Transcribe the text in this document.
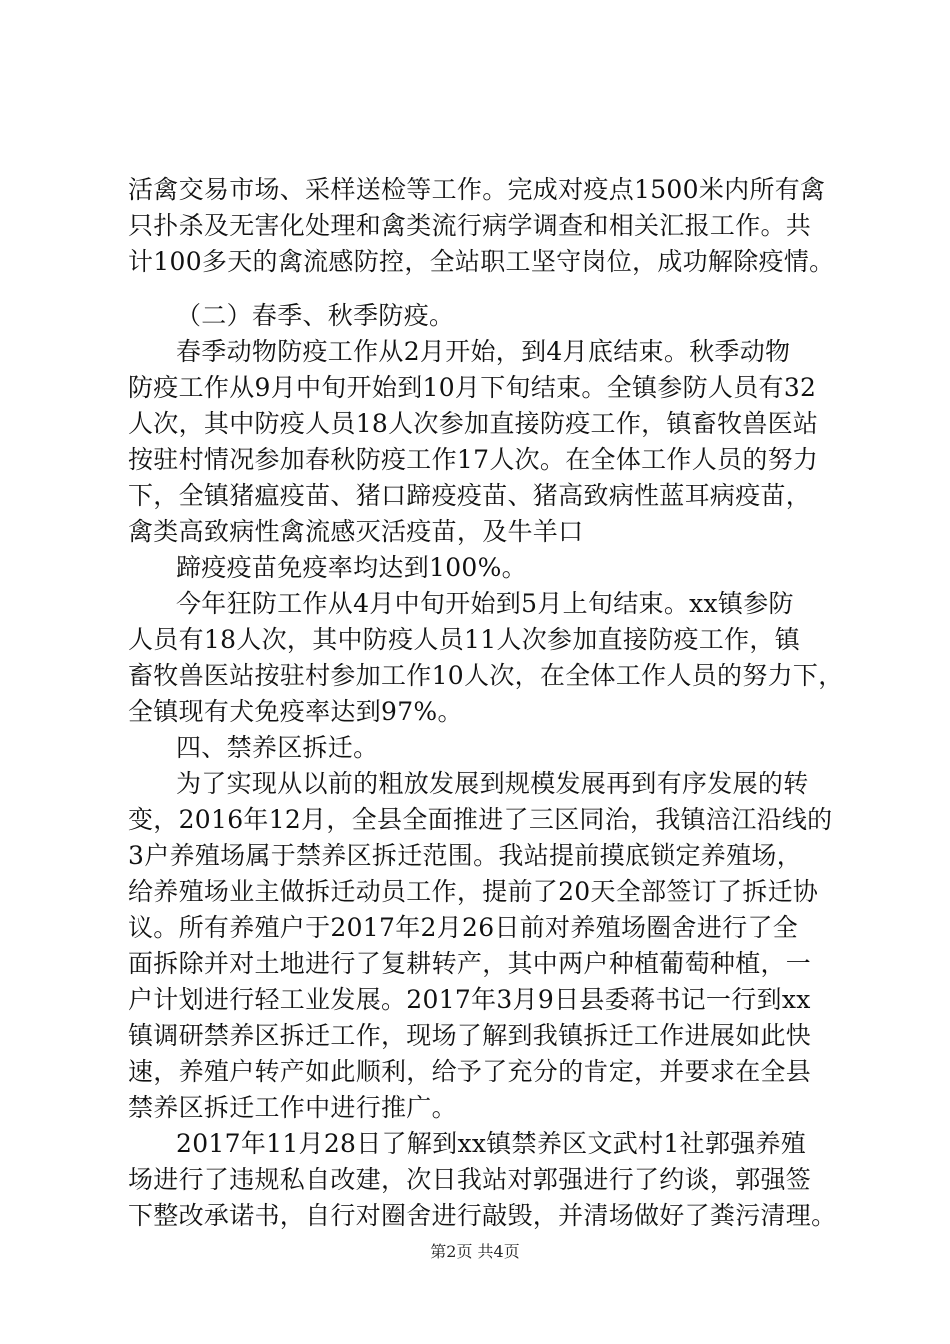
活禽交易市场、采样送检等工作。完成对疫点1500米内所有禽
只扑杀及无害化处理和禽类流行病学调查和相关汇报工作。共
计100多天的禽流感防控，全站职工坚守岗位，成功解除疫情。
（二）春季、秋季防疫。
春季动物防疫工作从2月开始，到4月底结束。秋季动物
防疫工作从9月中旬开始到10月下旬结束。全镇参防人员有32
人次，其中防疫人员18人次参加直接防疫工作，镇畜牧兽医站
按驻村情况参加春秋防疫工作17人次。在全体工作人员的努力
下，全镇猪瘟疫苗、猪口蹄疫疫苗、猪高致病性蓝耳病疫苗，
禽类高致病性禽流感灭活疫苗，及牛羊口
蹄疫疫苗免疫率均达到100%。
今年狂防工作从4月中旬开始到5月上旬结束。xx镇参防
人员有18人次，其中防疫人员11人次参加直接防疫工作，镇
畜牧兽医站按驻村参加工作10人次，在全体工作人员的努力下，
全镇现有犬免疫率达到97%。
四、禁养区拆迁。
为了实现从以前的粗放发展到规模发展再到有序发展的转
变，2016年12月，全县全面推进了三区同治，我镇涪江沿线的
3户养殖场属于禁养区拆迁范围。我站提前摸底锁定养殖场，
给养殖场业主做拆迁动员工作，提前了20天全部签订了拆迁协
议。所有养殖户于2017年2月26日前对养殖场圈舍进行了全
面拆除并对土地进行了复耕转产，其中两户种植葡萄种植，一
户计划进行轻工业发展。2017年3月9日县委蒋书记一行到xx
镇调研禁养区拆迁工作，现场了解到我镇拆迁工作进展如此快
速，养殖户转产如此顺利，给予了充分的肯定，并要求在全县
禁养区拆迁工作中进行推广。
2017年11月28日了解到xx镇禁养区文武村1社郭强养殖
场进行了违规私自改建，次日我站对郭强进行了约谈，郭强签
下整改承诺书，自行对圈舍进行敲毁，并清场做好了粪污清理。
第2页 共4页
